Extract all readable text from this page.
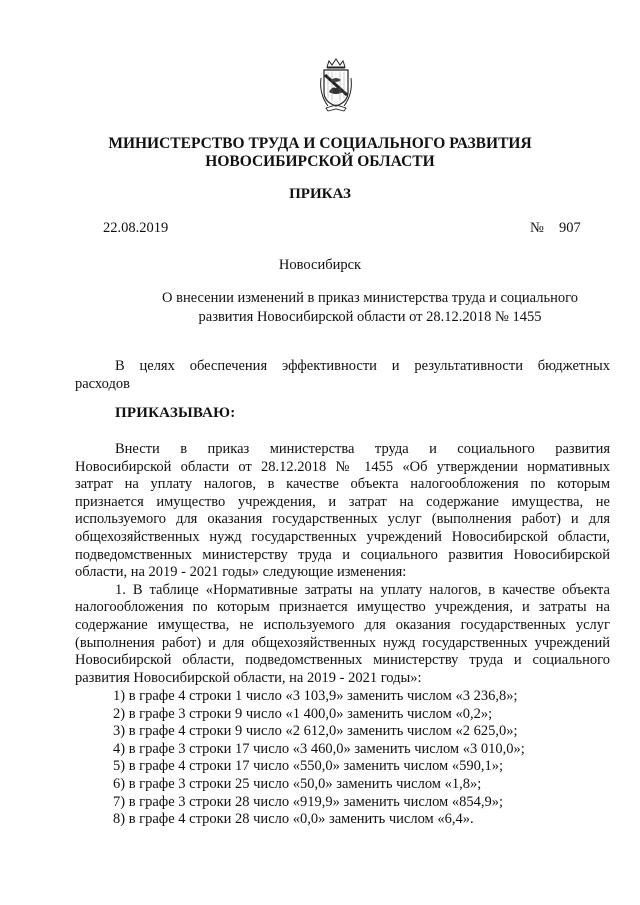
МИНИСТЕРСТВО ТРУДА И СОЦИАЛЬНОГО РАЗВИТИЯ
НОВОСИБИРСКОЙ ОБЛАСТИ
ПРИКАЗ
22.08.2019	№ 907
Новосибирск
О внесении изменений в приказ министерства труда и социального
развития Новосибирской области от 28.12.2018 № 1455
В целях обеспечения эффективности и результативности бюджетных
расходов
ПРИКАЗЫВАЮ:
Внести в приказ министерства труда и социального развития
Новосибирской области от 28.12.2018 № 1455 «Об утверждении нормативных
затрат на уплату налогов, в качестве объекта налогообложения по которым
признается имущество учреждения, и затрат на содержание имущества, не
используемого для оказания государственных услуг (выполнения работ) и для
общехозяйственных нужд государственных учреждений Новосибирской области,
подведомственных министерству труда и социального развития Новосибирской
области, на 2019 - 2021 годы» следующие изменения:
1. В таблице «Нормативные затраты на уплату налогов, в качестве объекта
налогообложения по которым признается имущество учреждения, и затраты на
содержание имущества, не используемого для оказания государственных услуг
(выполнения работ) и для общехозяйственных нужд государственных учреждений
Новосибирской области, подведомственных министерству труда и социального
развития Новосибирской области, на 2019 - 2021 годы»:
1) в графе 4 строки 1 число «3 103,9» заменить числом «3 236,8»;
2) в графе 3 строки 9 число «1 400,0» заменить числом «0,2»;
3) в графе 4 строки 9 число «2 612,0» заменить числом «2 625,0»;
4) в графе 3 строки 17 число «3 460,0» заменить числом «3 010,0»;
5) в графе 4 строки 17 число «550,0» заменить числом «590,1»;
6) в графе 3 строки 25 число «50,0» заменить числом «1,8»;
7) в графе 3 строки 28 число «919,9» заменить числом «854,9»;
8) в графе 4 строки 28 число «0,0» заменить числом «6,4».
